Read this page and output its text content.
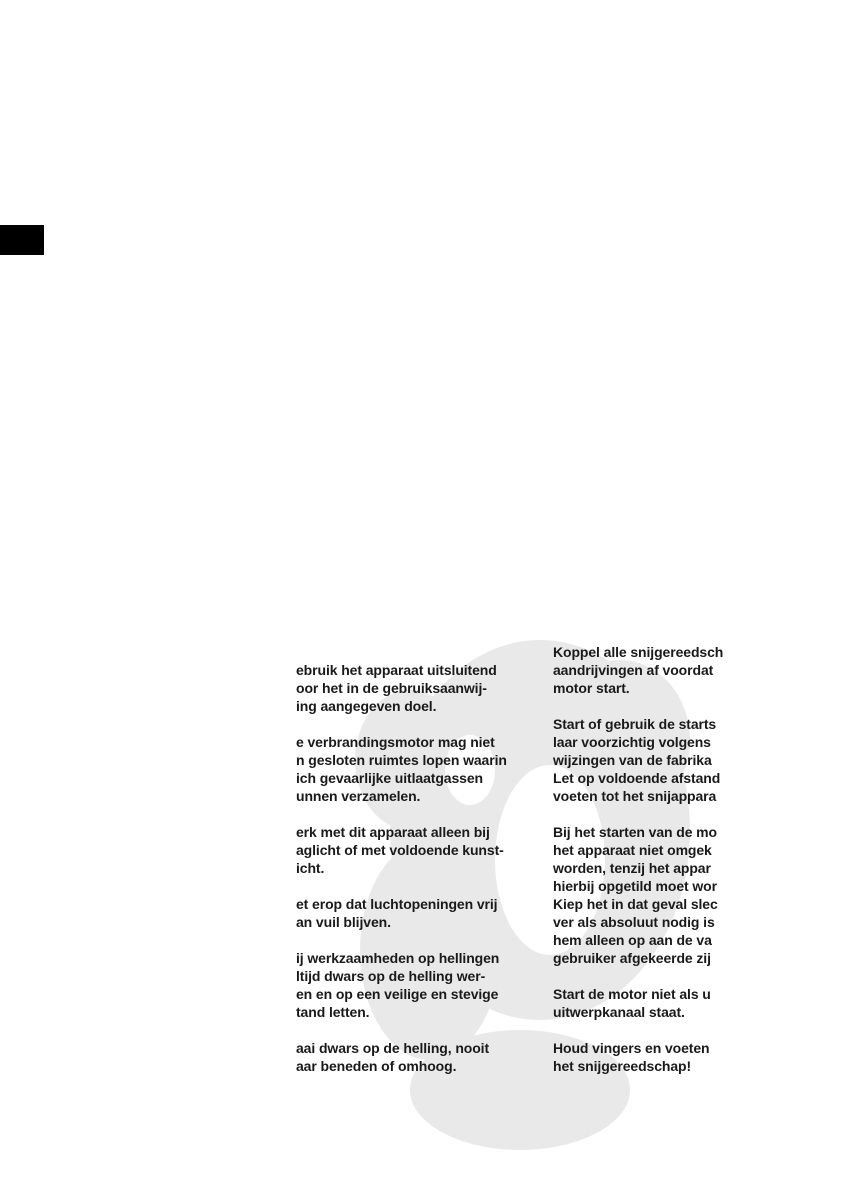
ebruik het apparaat uitsluitend
oor het in de gebruiksaanwij-
ing aangegeven doel.
e verbrandingsmotor mag niet
n gesloten ruimtes lopen waarin
ich gevaarlijke uitlaatgassen
unnen verzamelen.
erk met dit apparaat alleen bij
aglicht of met voldoende kunst-
icht.
et erop dat luchtopeningen vrij
an vuil blijven.
ij werkzaamheden op hellingen
ltijd dwars op de helling wer-
en en op een veilige en stevige
tand letten.
aai dwars op de helling, nooit
aar beneden of omhoog.
Koppel alle snijgereedsch
aandrijvingen af voordat
motor start.
Start of gebruik de starts
laar voorzichtig volgens
wijzingen van de fabrika
Let op voldoende afstand
voeten tot het snijappara
Bij het starten van de mo
het apparaat niet omgek
worden, tenzij het appar
hierbij opgetild moet wor
Kiep het in dat geval slec
ver als absoluut nodig is
hem alleen op aan de va
gebruiker afgekeerde zij
Start de motor niet als u
uitwerpkanaal staat.
Houd vingers en voeten
het snijgereedschap!
